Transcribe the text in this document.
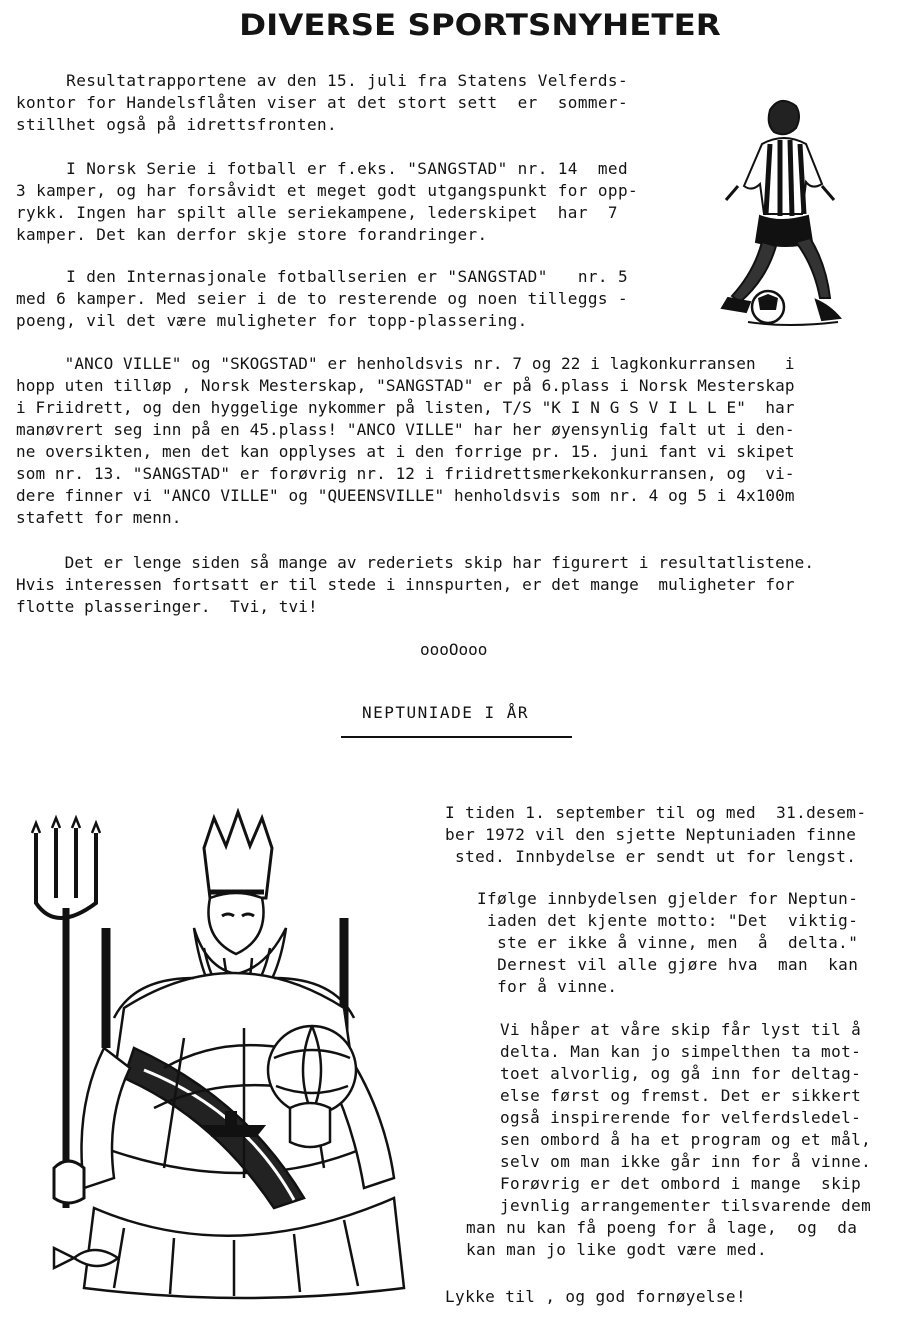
DIVERSE SPORTSNYHETER

Resultatrapportene av den 15. juli fra Statens Velferds-
kontor for Handelsflåten viser at det stort sett  er  sommer-
stillhet også på idrettsfronten.

I Norsk Serie i fotball er f.eks. "SANGSTAD" nr. 14  med
3 kamper, og har forsåvidt et meget godt utgangspunkt for opp-
rykk. Ingen har spilt alle seriekampene, lederskipet  har  7
kamper. Det kan derfor skje store forandringer.

I den Internasjonale fotballserien er "SANGSTAD"   nr. 5
med 6 kamper. Med seier i de to resterende og noen tilleggs -
poeng, vil det være muligheter for topp-plassering.

"ANCO VILLE" og "SKOGSTAD" er henholdsvis nr. 7 og 22 i lagkonkurransen   i
hopp uten tilløp , Norsk Mesterskap, "SANGSTAD" er på 6.plass i Norsk Mesterskap
i Friidrett, og den hyggelige nykommer på listen, T/S "K I N G S V I L L E"  har
manøvrert seg inn på en 45.plass! "ANCO VILLE" har her øyensynlig falt ut i den-
ne oversikten, men det kan opplyses at i den forrige pr. 15. juni fant vi skipet
som nr. 13. "SANGSTAD" er forøvrig nr. 12 i friidrettsmerkekonkurransen, og  vi-
dere finner vi "ANCO VILLE" og "QUEENSVILLE" henholdsvis som nr. 4 og 5 i 4x100m
stafett for menn.

Det er lenge siden så mange av rederiets skip har figurert i resultatlistene.
Hvis interessen fortsatt er til stede i innspurten, er det mange  muligheter for
flotte plasseringer.  Tvi, tvi!

oooOooo
NEPTUNIADE I ÅR

I tiden 1. september til og med  31.desem-
ber 1972 vil den sjette Neptuniaden finne
sted. Innbydelse er sendt ut for lengst.

Ifølge innbydelsen gjelder for Neptun-
iaden det kjente motto: "Det  viktig-
ste er ikke å vinne, men  å  delta."
Dernest vil alle gjøre hva  man  kan
for å vinne.

Vi håper at våre skip får lyst til å
delta. Man kan jo simpelthen ta mot-
toet alvorlig, og gå inn for deltag-
else først og fremst. Det er sikkert
også inspirerende for velferdsledel-
sen ombord å ha et program og et mål,
selv om man ikke går inn for å vinne.
Forøvrig er det ombord i mange  skip
jevnlig arrangementer tilsvarende dem

man nu kan få poeng for å lage,  og  da
kan man jo like godt være med.

Lykke til , og god fornøyelse!
